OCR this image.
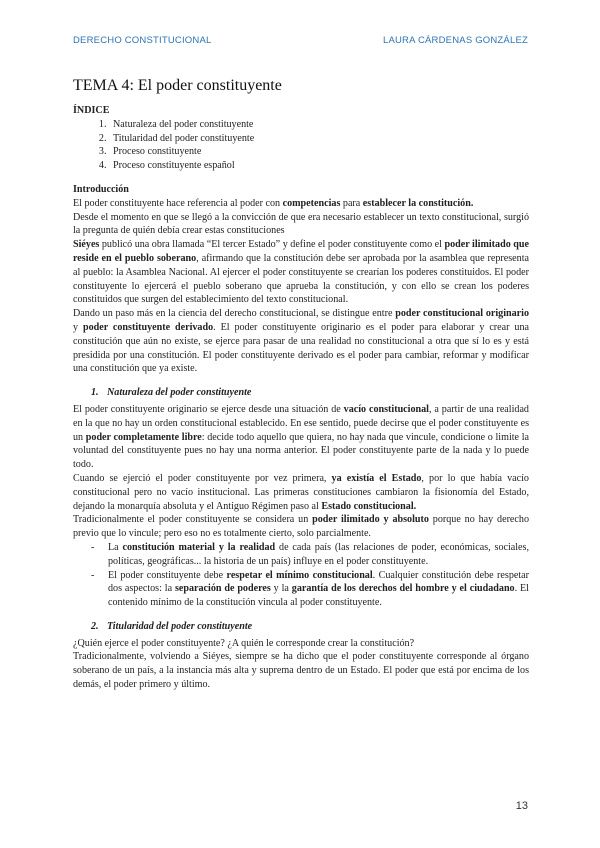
DERECHO CONSTITUCIONAL	LAURA CÁRDENAS GONZÁLEZ
TEMA 4: El poder constituyente
ÍNDICE
1. Naturaleza del poder constituyente
2. Titularidad del poder constituyente
3. Proceso constituyente
4. Proceso constituyente español
Introducción

El poder constituyente hace referencia al poder con competencias para establecer la constitución.

Desde el momento en que se llegó a la convicción de que era necesario establecer un texto constitucional, surgió la pregunta de quién debía crear estas constituciones

Siéyes publicó una obra llamada “El tercer Estado” y define el poder constituyente como el poder ilimitado que reside en el pueblo soberano, afirmando que la constitución debe ser aprobada por la asamblea que representa al pueblo: la Asamblea Nacional. Al ejercer el poder constituyente se crearían los poderes constituidos. El poder constituyente lo ejercerá el pueblo soberano que aprueba la constitución, y con ello se crean los poderes constituidos que surgen del establecimiento del texto constitucional.

Dando un paso más en la ciencia del derecho constitucional, se distingue entre poder constitucional originario y poder constituyente derivado. El poder constituyente originario es el poder para elaborar y crear una constitución que aún no existe, se ejerce para pasar de una realidad no constitucional a otra que sí lo es y está presidida por una constitución. El poder constituyente derivado es el poder para cambiar, reformar y modificar una constitución que ya existe.

1. Naturaleza del poder constituyente

El poder constituyente originario se ejerce desde una situación de vacío constitucional, a partir de una realidad en la que no hay un orden constitucional establecido. En ese sentido, puede decirse que el poder constituyente es un poder completamente libre: decide todo aquello que quiera, no hay nada que vincule, condicione o limite la voluntad del constituyente pues no hay una norma anterior. El poder constituyente parte de la nada y lo puede todo.

Cuando se ejerció el poder constituyente por vez primera, ya existía el Estado, por lo que había vacío constitucional pero no vacío institucional. Las primeras constituciones cambiaron la fisionomía del Estado, dejando la monarquía absoluta y el Antiguo Régimen paso al Estado constitucional.

Tradicionalmente el poder constituyente se considera un poder ilimitado y absoluto porque no hay derecho previo que lo vincule; pero eso no es totalmente cierto, solo parcialmente.

- La constitución material y la realidad de cada país (las relaciones de poder, económicas, sociales, políticas, geográficas... la historia de un país) influye en el poder constituyente.
- El poder constituyente debe respetar el mínimo constitucional. Cualquier constitución debe respetar dos aspectos: la separación de poderes y la garantía de los derechos del hombre y el ciudadano. El contenido mínimo de la constitución vincula al poder constituyente.
2. Titularidad del poder constituyente

¿Quién ejerce el poder constituyente? ¿A quién le corresponde crear la constitución?

Tradicionalmente, volviendo a Siéyes, siempre se ha dicho que el poder constituyente corresponde al órgano soberano de un país, a la instancia más alta y suprema dentro de un Estado. El poder que está por encima de los demás, el poder primero y último.

13
